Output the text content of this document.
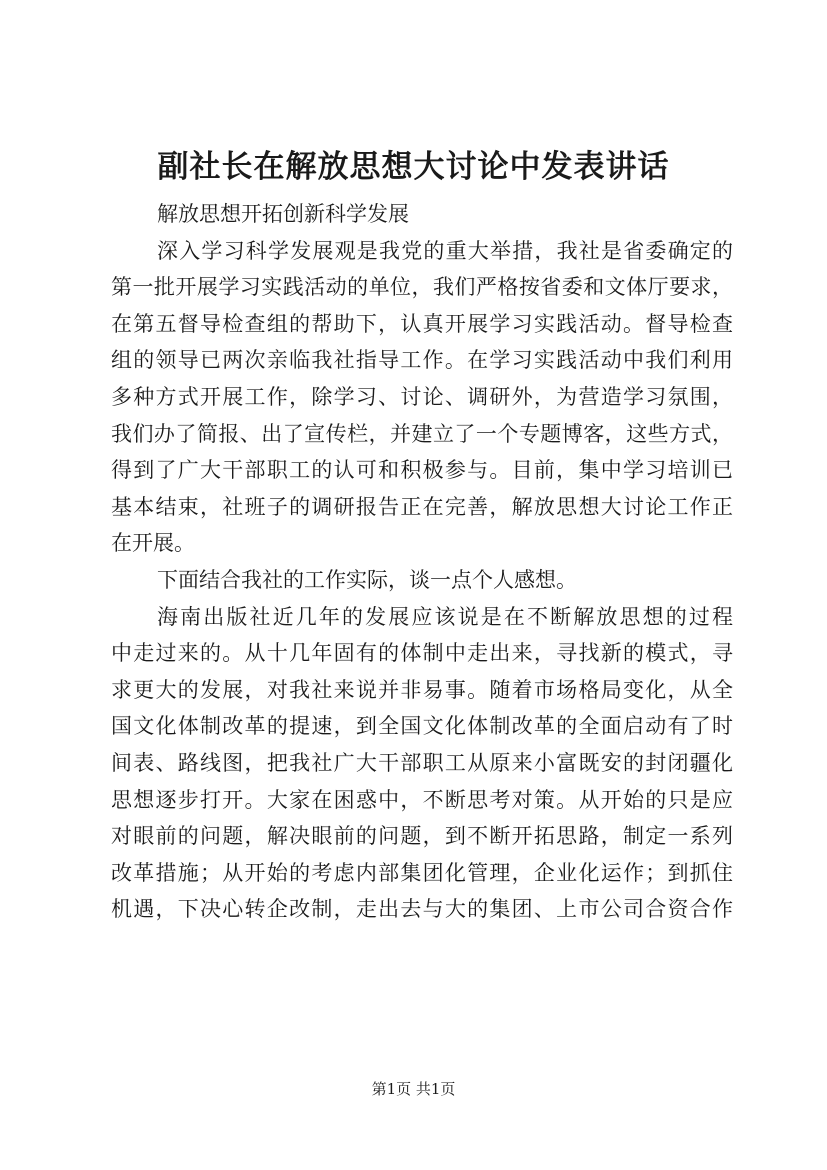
副社长在解放思想大讨论中发表讲话
解放思想开拓创新科学发展
深入学习科学发展观是我党的重大举措，我社是省委确定的
第一批开展学习实践活动的单位，我们严格按省委和文体厅要求，
在第五督导检查组的帮助下，认真开展学习实践活动。督导检查
组的领导已两次亲临我社指导工作。在学习实践活动中我们利用
多种方式开展工作，除学习、讨论、调研外，为营造学习氛围，
我们办了简报、出了宣传栏，并建立了一个专题博客，这些方式，
得到了广大干部职工的认可和积极参与。目前，集中学习培训已
基本结束，社班子的调研报告正在完善，解放思想大讨论工作正
在开展。
下面结合我社的工作实际，谈一点个人感想。
海南出版社近几年的发展应该说是在不断解放思想的过程
中走过来的。从十几年固有的体制中走出来，寻找新的模式，寻
求更大的发展，对我社来说并非易事。随着市场格局变化，从全
国文化体制改革的提速，到全国文化体制改革的全面启动有了时
间表、路线图，把我社广大干部职工从原来小富既安的封闭疆化
思想逐步打开。大家在困惑中，不断思考对策。从开始的只是应
对眼前的问题，解决眼前的问题，到不断开拓思路，制定一系列
改革措施；从开始的考虑内部集团化管理，企业化运作；到抓住
机遇，下决心转企改制，走出去与大的集团、上市公司合资合作
第1页 共1页
